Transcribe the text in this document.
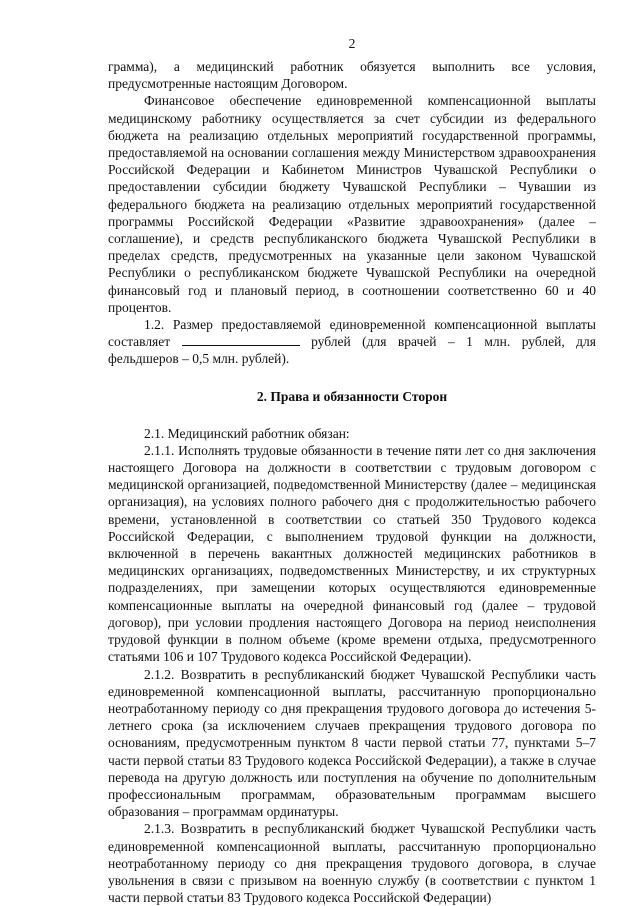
2

грамма), а медицинский работник обязуется выполнить все условия, предусмотренные настоящим Договором.

Финансовое обеспечение единовременной компенсационной выплаты медицинскому работнику осуществляется за счет субсидии из федерального бюджета на реализацию отдельных мероприятий государственной программы, предоставляемой на основании соглашения между Министерством здравоохранения Российской Федерации и Кабинетом Министров Чувашской Республики о предоставлении субсидии бюджету Чувашской Республики – Чувашии из федерального бюджета на реализацию отдельных мероприятий государственной программы Российской Федерации «Развитие здравоохранения» (далее – соглашение), и средств республиканского бюджета Чувашской Республики в пределах средств, предусмотренных на указанные цели законом Чувашской Республики о республиканском бюджете Чувашской Республики на очередной финансовый год и плановый период, в соотношении соответственно 60 и 40 процентов.

1.2. Размер предоставляемой единовременной компенсационной выплаты составляет	рублей (для врачей – 1 млн. рублей, для фельдшеров – 0,5 млн. рублей).

2. Права и обязанности Сторон

2.1. Медицинский работник обязан:

2.1.1. Исполнять трудовые обязанности в течение пяти лет со дня заключения настоящего Договора на должности в соответствии с трудовым договором с медицинской организацией, подведомственной Министерству (далее – медицинская организация), на условиях полного рабочего дня с продолжительностью рабочего времени, установленной в соответствии со статьей 350 Трудового кодекса Российской Федерации, с выполнением трудовой функции на должности, включенной в перечень вакантных должностей медицинских работников в медицинских организациях, подведомственных Министерству, и их структурных подразделениях, при замещении которых осуществляются единовременные компенсационные выплаты на очередной финансовый год (далее – трудовой договор), при условии продления настоящего Договора на период неисполнения трудовой функции в полном объеме (кроме времени отдыха, предусмотренного статьями 106 и 107 Трудового кодекса Российской Федерации).

2.1.2. Возвратить в республиканский бюджет Чувашской Республики часть единовременной компенсационной выплаты, рассчитанную пропорционально неотработанному периоду со дня прекращения трудового договора до истечения 5-летнего срока (за исключением случаев прекращения трудового договора по основаниям, предусмотренным пунктом 8 части первой статьи 77, пунктами 5–7 части первой статьи 83 Трудового кодекса Российской Федерации), а также в случае перевода на другую должность или поступления на обучение по дополнительным профессиональным программам, образовательным программам высшего образования – программам ординатуры.

2.1.3. Возвратить в республиканский бюджет Чувашской Республики часть единовременной компенсационной выплаты, рассчитанную пропорционально неотработанному периоду со дня прекращения трудового договора, в случае увольнения в связи с призывом на военную службу (в соответствии с пунктом 1 части первой статьи 83 Трудового кодекса Российской Федерации)
